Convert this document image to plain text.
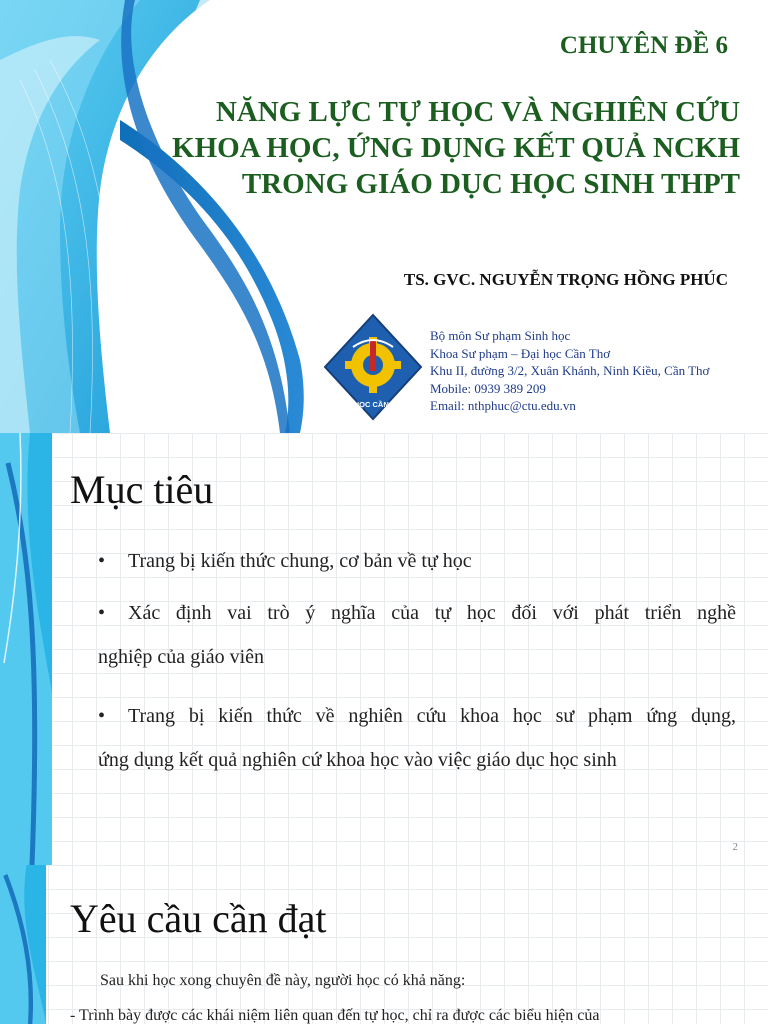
CHUYÊN ĐỀ 6
NĂNG LỰC TỰ HỌC VÀ NGHIÊN CỨU
KHOA HỌC, ỨNG DỤNG KẾT QUẢ NCKH
TRONG GIÁO DỤC HỌC SINH THPT
TS. GVC. NGUYỄN TRỌNG HỒNG PHÚC
ĐẠI HỌC CẦN THƠ
Bộ môn Sư phạm Sinh học
Khoa Sư phạm – Đại học Cần Thơ
Khu II, đường 3/2, Xuân Khánh, Ninh Kiều, Cần Thơ
Mobile: 0939 389 209
Email: nthphuc@ctu.edu.vn
Mục tiêu
• Trang bị kiến thức chung, cơ bản về tự học
• Xác định vai trò ý nghĩa của tự học đối với phát triển nghề
nghiệp của giáo viên
• Trang bị kiến thức về nghiên cứu khoa học sư phạm ứng dụng,
ứng dụng kết quả nghiên cứ khoa học vào việc giáo dục học sinh
2
Yêu cầu cần đạt
Sau khi học xong chuyên đề này, người học có khả năng:
- Trình bày được các khái niệm liên quan đến tự học, chỉ ra được các biểu hiện của
